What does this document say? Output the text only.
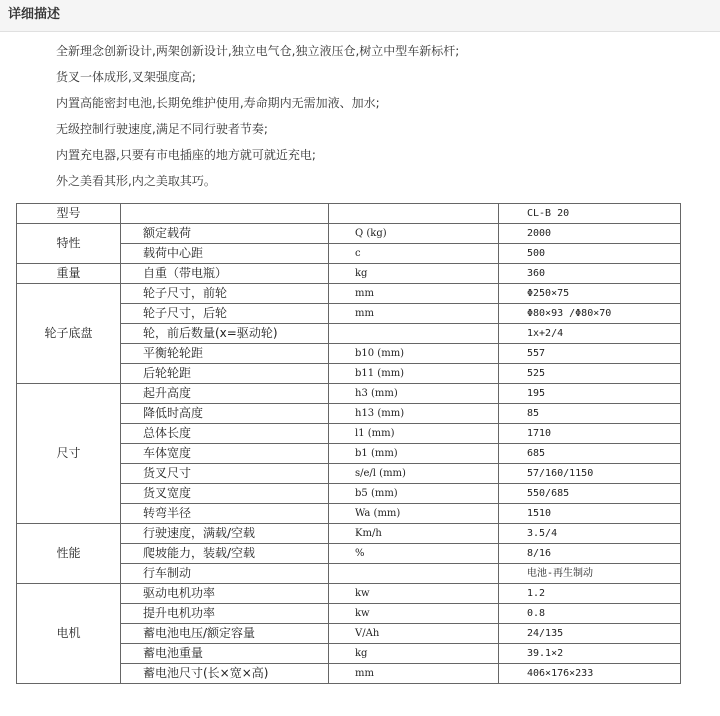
详细描述
全新理念创新设计,两架创新设计,独立电气仓,独立液压仓,树立中型车新标杆;
货叉一体成形,叉架强度高;
内置高能密封电池,长期免维护使用,寿命期内无需加液、加水;
无级控制行驶速度,满足不同行驶者节奏;
内置充电器,只要有市电插座的地方就可就近充电;
外之美看其形,内之美取其巧。
型号			CL-B 20
特性	额定载荷	Q (kg)	2000
	载荷中心距	c	500
重量	自重（带电瓶）	kg	360
轮子底盘	轮子尺寸，前轮	mm	Φ250×75
	轮子尺寸，后轮	mm	Φ80×93 /Φ80×70
	轮，前后数量(x=驱动轮)		1x+2/4
	平衡轮轮距	b10 (mm)	557
	后轮轮距	b11 (mm)	525
尺寸	起升高度	h3 (mm)	195
	降低时高度	h13 (mm)	85
	总体长度	l1 (mm)	1710
	车体宽度	b1 (mm)	685
	货叉尺寸	s/e/l (mm)	57/160/1150
	货叉宽度	b5 (mm)	550/685
	转弯半径	Wa (mm)	1510
性能	行驶速度，满载/空载	Km/h	3.5/4
	爬坡能力，装载/空载	%	8/16
	行车制动		电池-再生制动
电机	驱动电机功率	kw	1.2
	提升电机功率	kw	0.8
	蓄电池电压/额定容量	V/Ah	24/135
	蓄电池重量	kg	39.1×2
	蓄电池尺寸(长×宽×高)	mm	406×176×233
